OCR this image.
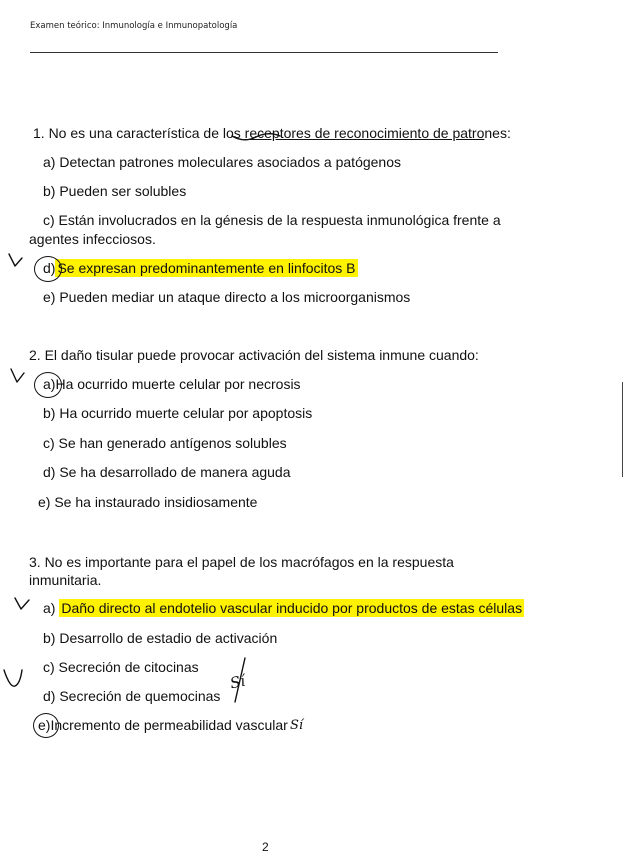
Examen teórico: Inmunología e Inmunopatología
1. No es una característica de los receptores de reconocimiento de patrones:
a) Detectan patrones moleculares asociados a patógenos
b) Pueden ser solubles
c) Están involucrados en la génesis de la respuesta inmunológica frente a
agentes infecciosos.
d) Se expresan predominantemente en linfocitos B
e) Pueden mediar un ataque directo a los microorganismos
2. El daño tisular puede provocar activación del sistema inmune cuando:
a)Ha ocurrido muerte celular por necrosis
b) Ha ocurrido muerte celular por apoptosis
c) Se han generado antígenos solubles
d) Se ha desarrollado de manera aguda
e) Se ha instaurado insidiosamente
3. No es importante para el papel de los macrófagos en la respuesta
inmunitaria.
a) Daño directo al endotelio vascular inducido por productos de estas células
b) Desarrollo de estadio de activación
c) Secreción de citocinas
d) Secreción de quemocinas
e)Incremento de permeabilidad vascular
Sí
Sí
2
